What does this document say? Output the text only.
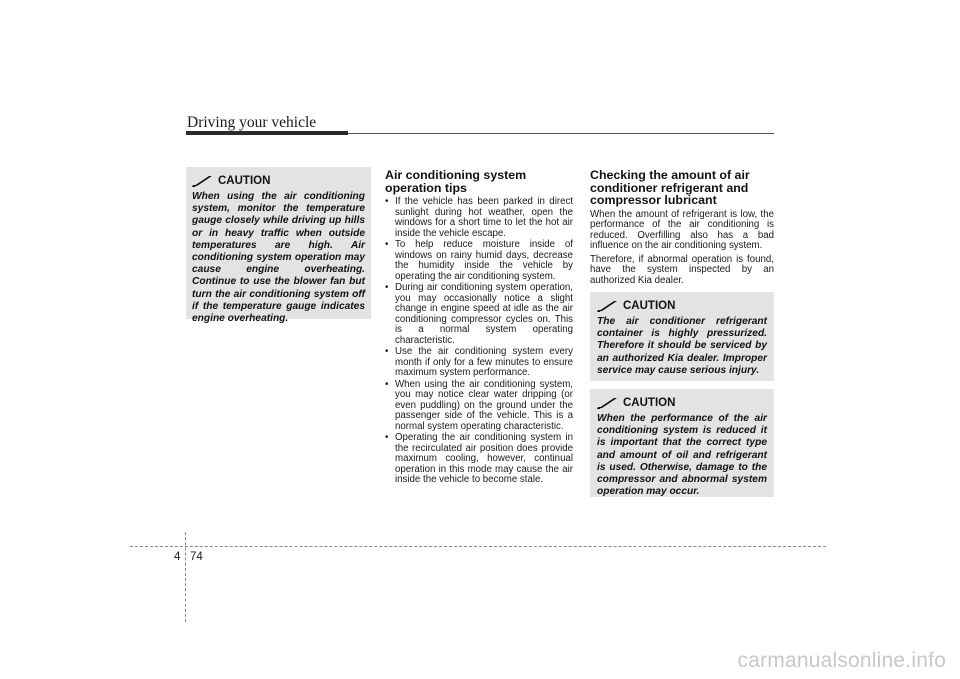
Driving your vehicle
CAUTION

When using the air conditioning system, monitor the temperature gauge closely while driving up hills or in heavy traffic when outside temperatures are high. Air conditioning system operation may cause engine overheating. Continue to use the blower fan but turn the air conditioning system off if the temperature gauge indicates engine overheating.

Air conditioning system operation tips
• If the vehicle has been parked in direct sunlight during hot weather, open the windows for a short time to let the hot air inside the vehicle escape.
• To help reduce moisture inside of windows on rainy humid days, decrease the humidity inside the vehicle by operating the air conditioning system.
• During air conditioning system operation, you may occasionally notice a slight change in engine speed at idle as the air conditioning compressor cycles on. This is a normal system operating characteristic.
• Use the air conditioning system every month if only for a few minutes to ensure maximum system performance.
• When using the air conditioning system, you may notice clear water dripping (or even puddling) on the ground under the passenger side of the vehicle. This is a normal system operating characteristic.
• Operating the air conditioning system in the recirculated air position does provide maximum cooling, however, continual operation in this mode may cause the air inside the vehicle to become stale.
Checking the amount of air conditioner refrigerant and compressor lubricant

When the amount of refrigerant is low, the performance of the air conditioning is reduced. Overfilling also has a bad influence on the air conditioning system.

Therefore, if abnormal operation is found, have the system inspected by an authorized Kia dealer.

CAUTION

The air conditioner refrigerant container is highly pressurized. Therefore it should be serviced by an authorized Kia dealer. Improper service may cause serious injury.

CAUTION

When the performance of the air conditioning system is reduced it is important that the correct type and amount of oil and refrigerant is used. Otherwise, damage to the compressor and abnormal system operation may occur.

4 74
carmanualsonline.info
